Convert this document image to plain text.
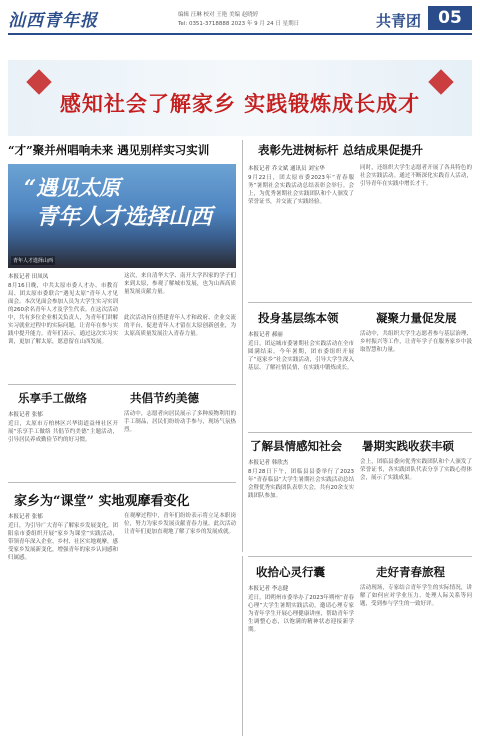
汕西青年报	编辑 汪琳 校对 王艳 美编 赵晓婷
Tel: 0351-3718888 2023 年 9 月 24 日 星期日	共青团	05
感知社会了解家乡 实践锻炼成长成才
“才”聚并州唱响未来 遇见别样实习实训
“遇见太原
青年人才选择山西
青年人才选择山西
本报记者 田凤凤
8月16日晚，中共太原市委人才办、市教育局、团太原市委联合“遇见太原”青年人才见面会。本次见面会参加人员为大学生实习实训的260余名青年人才及学生代表。在这次活动中，共有多位企业相关负责人，为青年们讲解实习就业过程中的实际问题，让青年在参与实践中提升能力。青年们表示，通过这次实习实训，更加了解太原，愿意留在山西发展。
这次，来自清华大学、南开大学四家的学子们来到太原，参观了解城市发展，也为山西高质量发展贡献力量。
此次活动旨在搭建青年人才和政府、企业交流的平台，促进青年人才留在太原创新创业，为太原高质量发展注入青春力量。
表彰先进树标杆 总结成果促提升
本报记者 乔文斌 通讯员 刘宝华
9月22日，团太原市委2023年“青春服务”暑期社会实践活动总结表彰会举行。会上，为优秀暑期社会实践团队和个人颁发了荣誉证书，并交流了实践经验。
同时，还组织大学生志愿者开展了各具特色的社会实践活动。通过不断深化实践育人活动，引导青年在实践中增长才干。
投身基层练本领	凝聚力量促发展
本报记者 郝丽
近日，团运城市委暑期社会实践活动在全市圆满结束。今年暑期，团市委组织开展了“返家乡”社会实践活动，引导大学生深入基层、了解社情民情，在实践中锻炼成长。
活动中，共组织大学生志愿者参与基层治理、乡村振兴等工作，让青年学子在服务家乡中汲取智慧和力量。
乐享手工做络	共倡节约美德
本报记者 张郁
近日，太原市万柏林区兴华街道益州社区开展“乐享手工做络 共倡节约美德”主题活动，引导居民养成勤俭节约的好习惯。
活动中，志愿者向居民展示了多种废物利用的手工制品，居民们纷纷动手参与，现场气氛热烈。
了解县情感知社会 暑期实践收获丰硕
本报记者 韩欣杰
8月28日下午，团临县县委举行了2023年“青春临县”大学生暑期社会实践活动总结会暨优秀实践团队表彰大会，共有20余支实践团队参加。
会上，团临县委向优秀实践团队和个人颁发了荣誉证书，各实践团队代表分享了实践心得体会，展示了实践成果。
家乡为“课堂” 实地观摩看变化
本报记者 张郁
近日，为引导广大青年了解家乡发展变化，团阳泉市委组织开展“家乡为课堂”实践活动，带领青年深入企业、乡村、社区实地观摩，感受家乡发展新变化，增强青年的家乡认同感和归属感。
在观摩过程中，青年们纷纷表示将立足本职岗位，努力为家乡发展贡献青春力量。此次活动让青年们更加直观地了解了家乡的发展成就。
收拾心灵行囊	走好青春旅程
本报记者 李志健
近日，团朔州市委举办了2023年朔州“青春心理”大学生暑期实践活动，邀请心理专家为青年学生开展心理健康讲座，帮助青年学生调整心态，以饱满的精神状态迎接新学期。
活动现场，专家结合青年学生的实际情况，讲解了如何应对学业压力、处理人际关系等问题，受到参与学生的一致好评。
